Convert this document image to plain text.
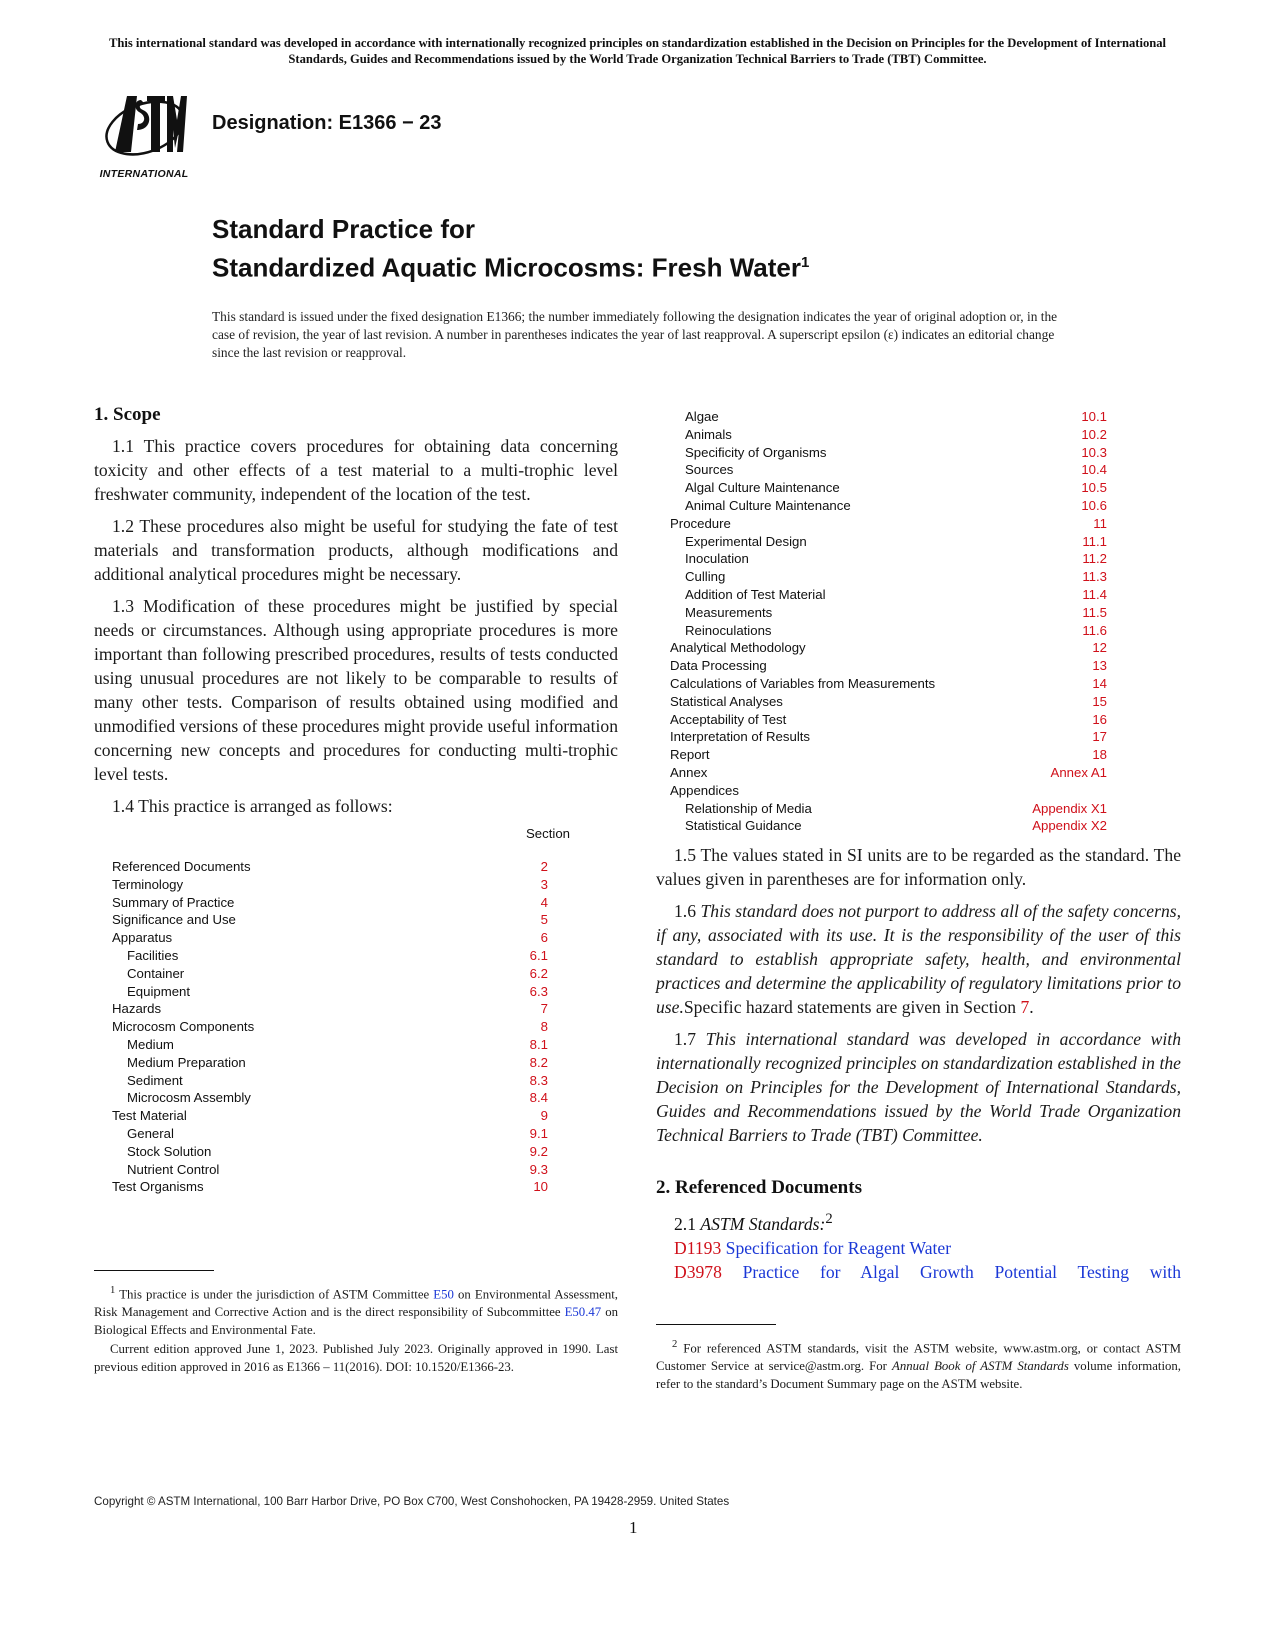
This international standard was developed in accordance with internationally recognized principles on standardization established in the Decision on Principles for the Development of International Standards, Guides and Recommendations issued by the World Trade Organization Technical Barriers to Trade (TBT) Committee.
INTERNATIONAL
Designation: E1366 − 23
Standard Practice for
Standardized Aquatic Microcosms: Fresh Water$^1$
This standard is issued under the fixed designation E1366; the number immediately following the designation indicates the year of original adoption or, in the case of revision, the year of last revision. A number in parentheses indicates the year of last reapproval. A superscript epsilon (ε) indicates an editorial change since the last revision or reapproval.
1. Scope

1.1 This practice covers procedures for obtaining data concerning toxicity and other effects of a test material to a multi-trophic level freshwater community, independent of the location of the test.

1.2 These procedures also might be useful for studying the fate of test materials and transformation products, although modifications and additional analytical procedures might be necessary.

1.3 Modification of these procedures might be justified by special needs or circumstances. Although using appropriate procedures is more important than following prescribed procedures, results of tests conducted using unusual procedures are not likely to be comparable to results of many other tests. Comparison of results obtained using modified and unmodified versions of these procedures might provide useful information concerning new concepts and procedures for conducting multi-trophic level tests.

1.4 This practice is arranged as follows:

Section
Referenced Documents	2
Terminology	3
Summary of Practice	4
Significance and Use	5
Apparatus	6
Facilities	6.1
Container	6.2
Equipment	6.3
Hazards	7
Microcosm Components	8
Medium	8.1
Medium Preparation	8.2
Sediment	8.3
Microcosm Assembly	8.4
Test Material	9
General	9.1
Stock Solution	9.2
Nutrient Control	9.3
Test Organisms	10
Algae	10.1
Animals	10.2
Specificity of Organisms	10.3
Sources	10.4
Algal Culture Maintenance	10.5
Animal Culture Maintenance	10.6
Procedure	11
Experimental Design	11.1
Inoculation	11.2
Culling	11.3
Addition of Test Material	11.4
Measurements	11.5
Reinoculations	11.6
Analytical Methodology	12
Data Processing	13
Calculations of Variables from Measurements	14
Statistical Analyses	15
Acceptability of Test	16
Interpretation of Results	17
Report	18
Annex	Annex A1
Appendices
Relationship of Media	Appendix X1
Statistical Guidance	Appendix X2

1.5 The values stated in SI units are to be regarded as the standard. The values given in parentheses are for information only.

1.6 This standard does not purport to address all of the safety concerns, if any, associated with its use. It is the responsibility of the user of this standard to establish appropriate safety, health, and environmental practices and determine the applicability of regulatory limitations prior to use.Specific hazard statements are given in Section 7.

1.7 This international standard was developed in accordance with internationally recognized principles on standardization established in the Decision on Principles for the Development of International Standards, Guides and Recommendations issued by the World Trade Organization Technical Barriers to Trade (TBT) Committee.

2. Referenced Documents

2.1 ASTM Standards:$^2$

D1193 Specification for Reagent Water

D3978 Practice for Algal Growth Potential Testing with

$^1$ This practice is under the jurisdiction of ASTM Committee E50 on Environmental Assessment, Risk Management and Corrective Action and is the direct responsibility of Subcommittee E50.47 on Biological Effects and Environmental Fate.

Current edition approved June 1, 2023. Published July 2023. Originally approved in 1990. Last previous edition approved in 2016 as E1366 – 11(2016). DOI: 10.1520/E1366-23.

$^2$ For referenced ASTM standards, visit the ASTM website, www.astm.org, or contact ASTM Customer Service at service@astm.org. For Annual Book of ASTM Standards volume information, refer to the standard’s Document Summary page on the ASTM website.

Copyright © ASTM International, 100 Barr Harbor Drive, PO Box C700, West Conshohocken, PA 19428-2959. United States
1
